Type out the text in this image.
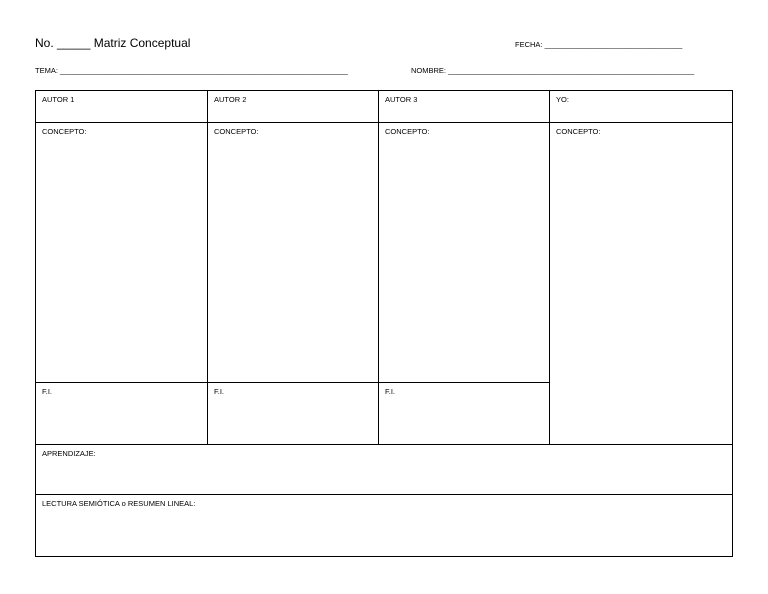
No. _____ Matriz Conceptual	FECHA: _________________________________
TEMA: _____________________________________________________________________	NOMBRE: ___________________________________________________________
AUTOR 1	AUTOR 2	AUTOR 3	YO:
CONCEPTO:	CONCEPTO:	CONCEPTO:	CONCEPTO:
F.I.	F.I.	F.I.
APRENDIZAJE:
LECTURA SEMIÓTICA o RESUMEN LINEAL:
